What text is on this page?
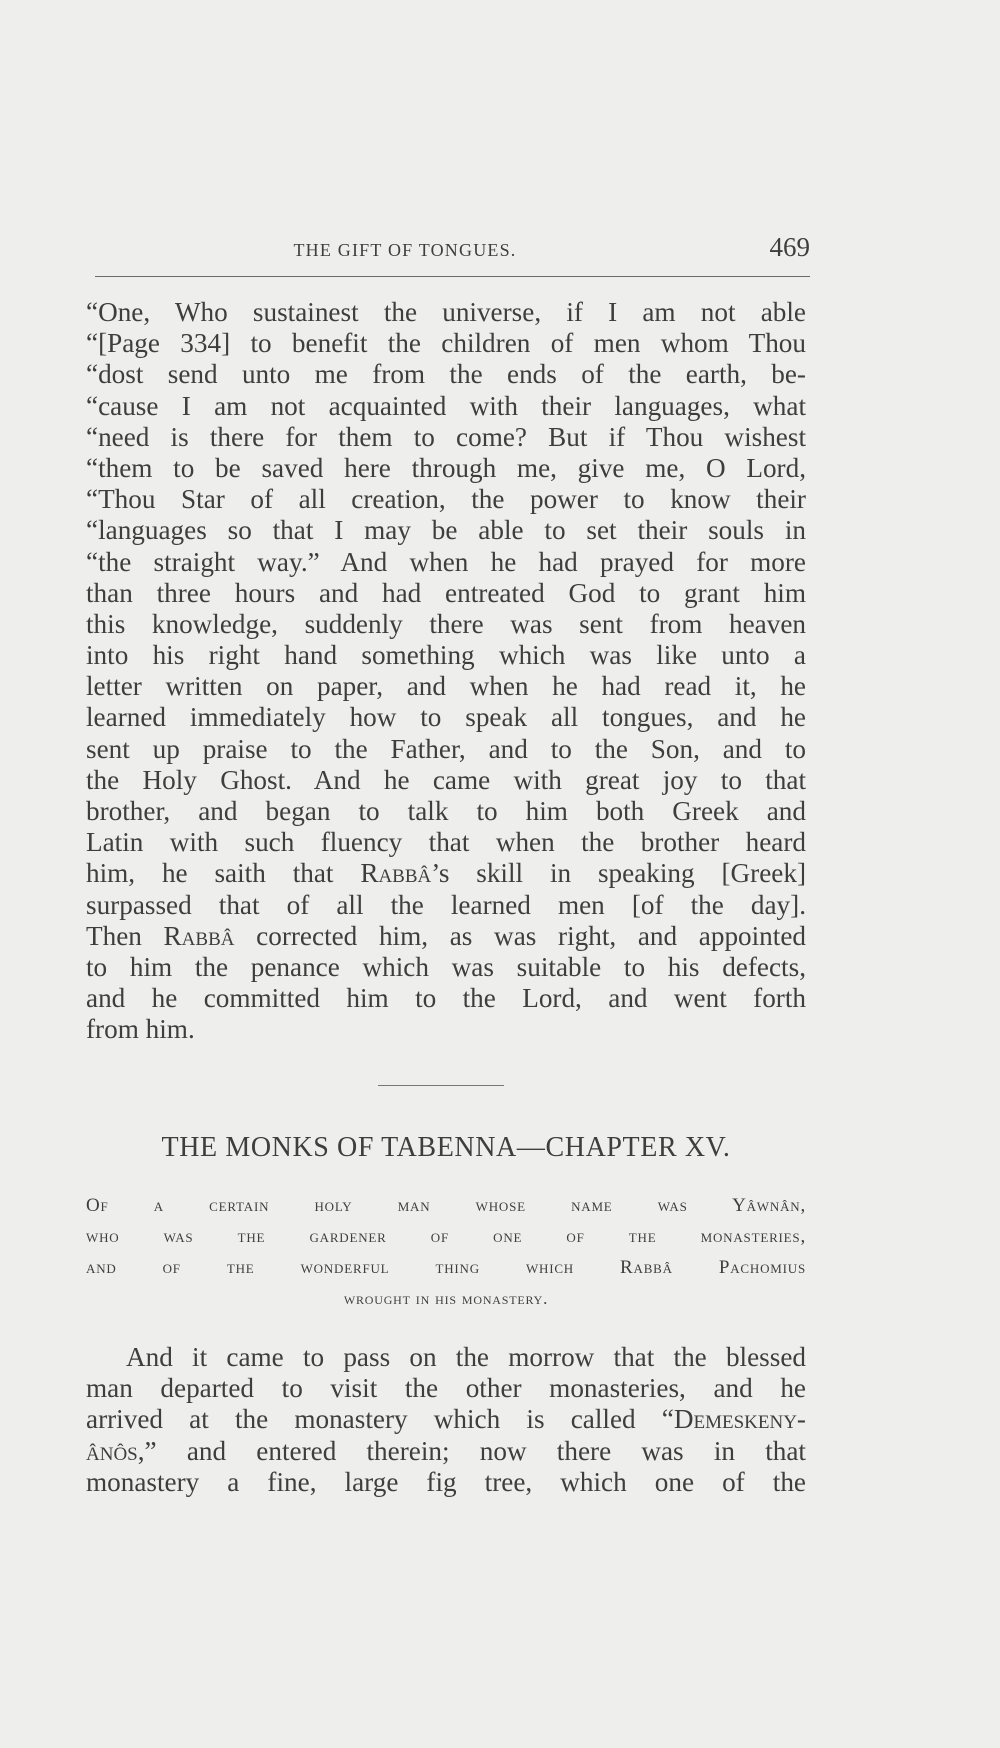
THE GIFT OF TONGUES.	469

“One, Who sustainest the universe, if I am not able
“[Page 334] to benefit the children of men whom Thou
“dost send unto me from the ends of the earth, be-
“cause I am not acquainted with their languages, what
“need is there for them to come? But if Thou wishest
“them to be saved here through me, give me, O Lord,
“Thou Star of all creation, the power to know their
“languages so that I may be able to set their souls in
“the straight way.” And when he had prayed for more
than three hours and had entreated God to grant him
this knowledge, suddenly there was sent from heaven
into his right hand something which was like unto a
letter written on paper, and when he had read it, he
learned immediately how to speak all tongues, and he
sent up praise to the Father, and to the Son, and to
the Holy Ghost. And he came with great joy to that
brother, and began to talk to him both Greek and
Latin with such fluency that when the brother heard
him, he saith that Rabbâ’s skill in speaking [Greek]
surpassed that of all the learned men [of the day].
Then Rabbâ corrected him, as was right, and appointed
to him the penance which was suitable to his defects,
and he committed him to the Lord, and went forth
from him.

THE MONKS OF TABENNA—CHAPTER XV.

Of a certain holy man whose name was Yâwnân,
who was the gardener of one of the monasteries,
and of the wonderful thing which Rabbâ Pachomius
wrought in his monastery.

And it came to pass on the morrow that the blessed
man departed to visit the other monasteries, and he
arrived at the monastery which is called “Demeskeny-
ânôs,” and entered therein; now there was in that
monastery a fine, large fig tree, which one of the
